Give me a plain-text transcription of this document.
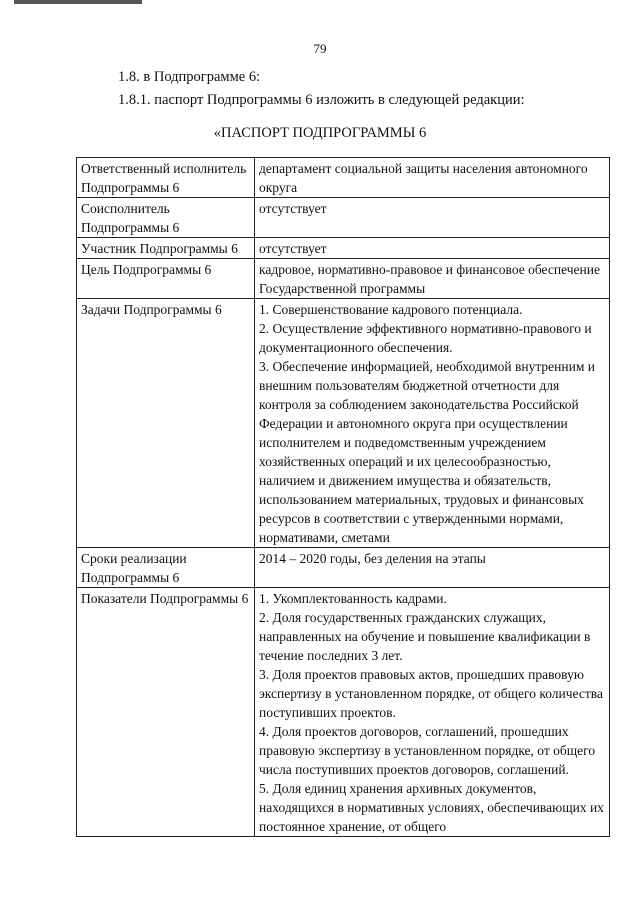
79
1.8. в Подпрограмме 6:
1.8.1. паспорт Подпрограммы 6 изложить в следующей редакции:
«ПАСПОРТ ПОДПРОГРАММЫ 6
Ответственный исполнитель Подпрограммы 6	департамент социальной защиты населения автономного округа

Соисполнитель Подпрограммы 6	отсутствует

Участник Подпрограммы 6	отсутствует

Цель Подпрограммы 6	кадровое, нормативно-правовое и финансовое обеспечение Государственной программы

Задачи Подпрограммы 6	1. Совершенствование кадрового потенциала.
2. Осуществление эффективного нормативно-правового и документационного обеспечения.
3. Обеспечение информацией, необходимой внутренним и внешним пользователям бюджетной отчетности для контроля за соблюдением законодательства Российской Федерации и автономного округа при осуществлении исполнителем и подведомственным учреждением хозяйственных операций и их целесообразностью, наличием и движением имущества и обязательств, использованием материальных, трудовых и финансовых ресурсов в соответствии с утвержденными нормами, нормативами, сметами

Сроки реализации Подпрограммы 6	2014 – 2020 годы, без деления на этапы

Показатели Подпрограммы 6	1. Укомплектованность кадрами.
2. Доля государственных гражданских служащих, направленных на обучение и повышение квалификации в течение последних 3 лет.
3. Доля проектов правовых актов, прошедших правовую экспертизу в установленном порядке, от общего количества поступивших проектов.
4. Доля проектов договоров, соглашений, прошедших правовую экспертизу в установленном порядке, от общего числа поступивших проектов договоров, соглашений.
5. Доля единиц хранения архивных документов, находящихся в нормативных условиях, обеспечивающих их постоянное хранение, от общего
